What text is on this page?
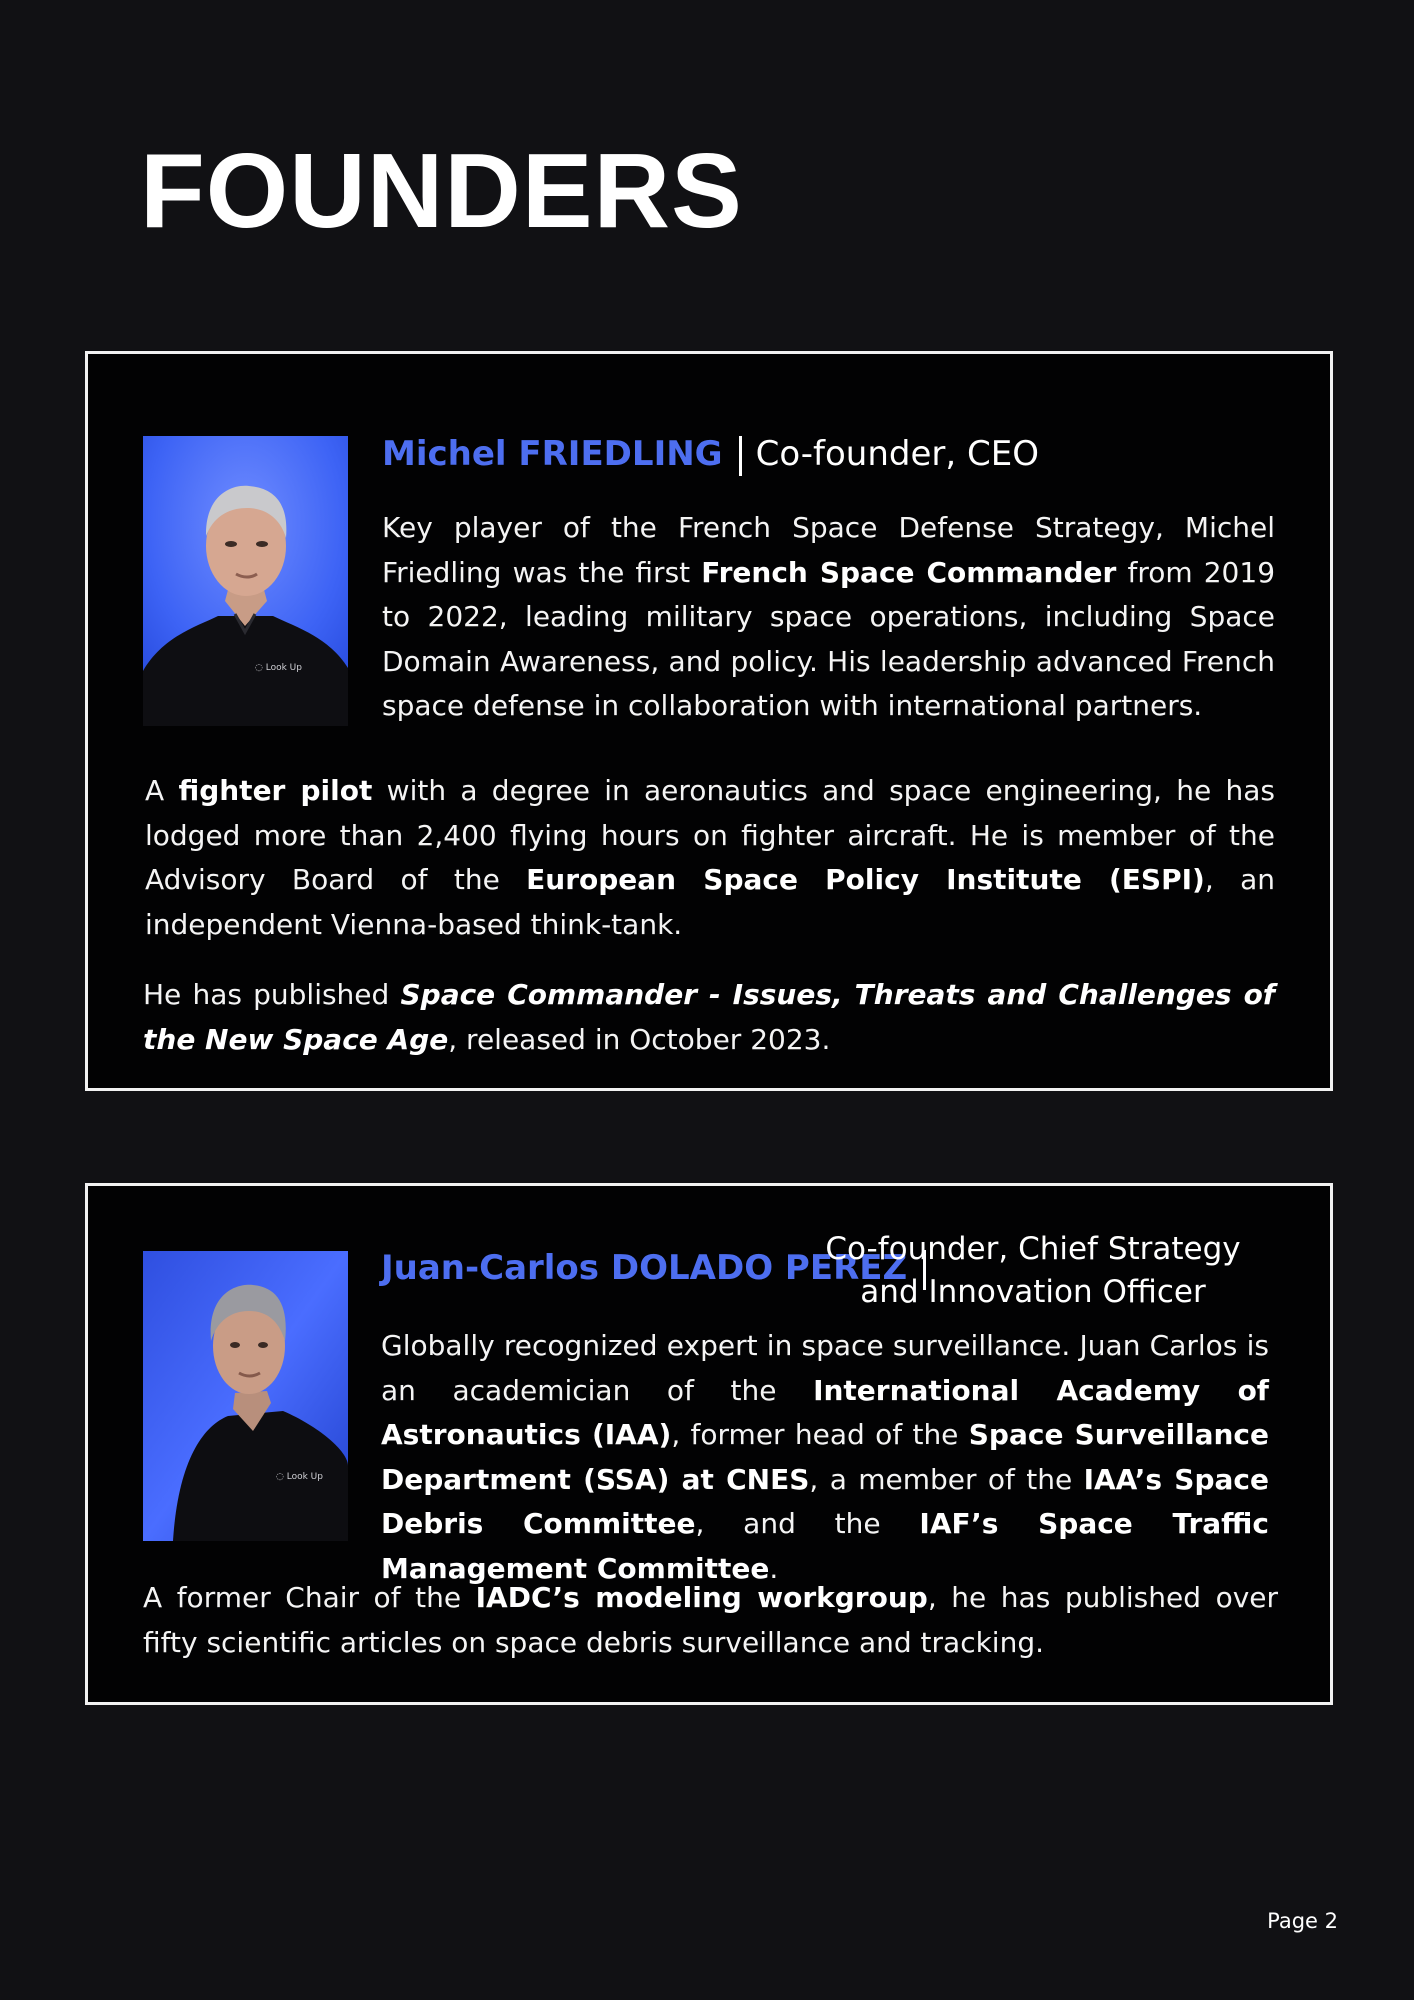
FOUNDERS
◌ Look Up
Michel FRIEDLING Co-founder, CEO

Key player of the French Space Defense Strategy, Michel Friedling was the first French Space Commander from 2019 to 2022, leading military space operations, including Space Domain Awareness, and policy. His leadership advanced French space defense in collaboration with international partners.

A fighter pilot with a degree in aeronautics and space engineering, he has lodged more than 2,400 flying hours on fighter aircraft. He is member of the Advisory Board of the European Space Policy Institute (ESPI), an independent Vienna-based think-tank.

He has published Space Commander - Issues, Threats and Challenges of the New Space Age, released in October 2023.

◌ Look Up
Juan-Carlos DOLADO PEREZ
Co-founder, Chief Strategy
and Innovation Officer

Globally recognized expert in space surveillance. Juan Carlos is an academician of the International Academy of Astronautics (IAA), former head of the Space Surveillance Department (SSA) at CNES, a member of the IAA’s Space Debris Committee, and the IAF’s Space Traffic Management Committee.

A former Chair of the IADC’s modeling workgroup, he has published over fifty scientific articles on space debris surveillance and tracking.

Page 2
